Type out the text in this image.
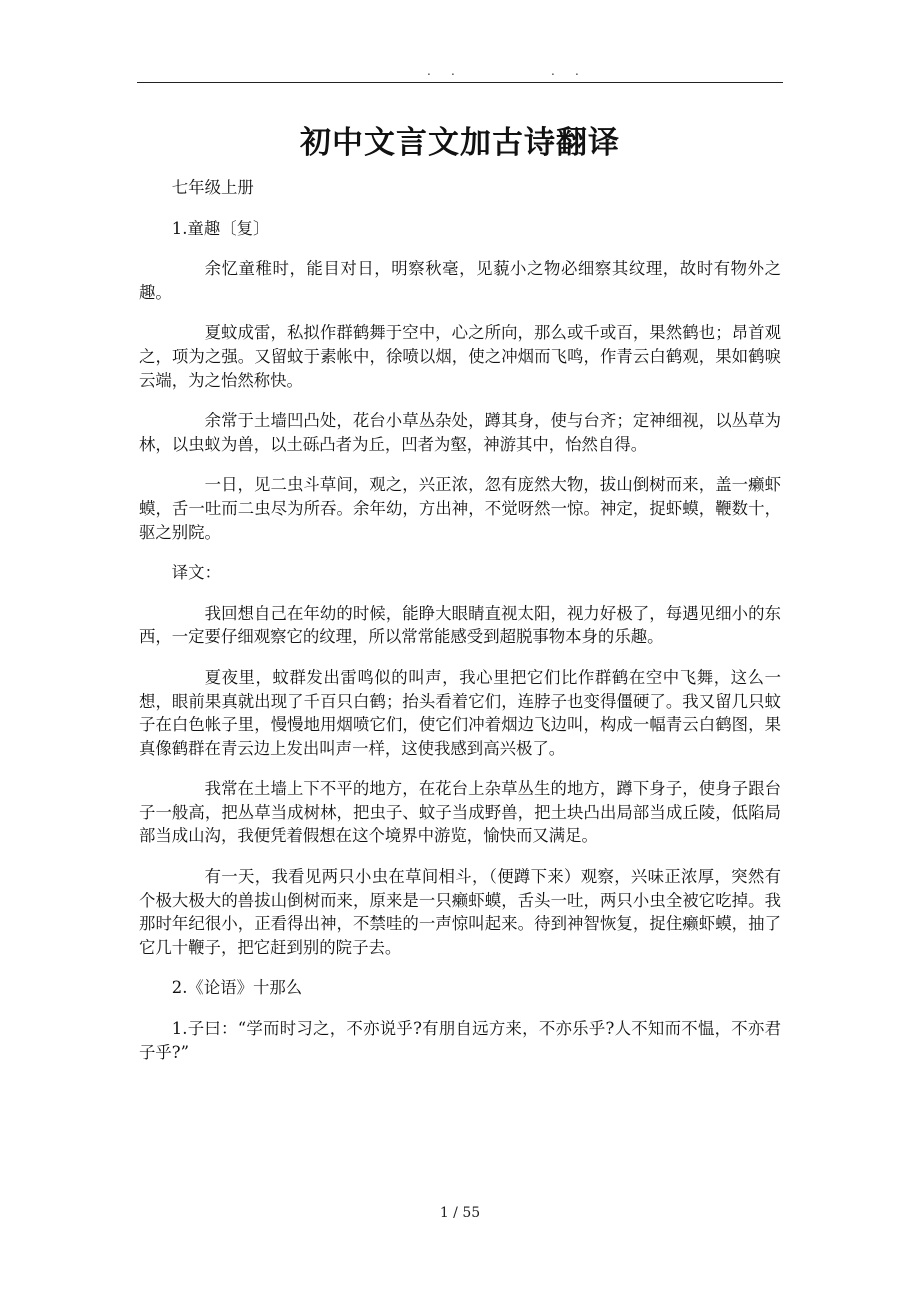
. .	. .
初中文言文加古诗翻译

七年级上册

1.童趣〔复〕

余忆童稚时，能目对日，明察秋毫，见藐小之物必细察其纹理，故时有物外之趣。

夏蚊成雷，私拟作群鹤舞于空中，心之所向，那么或千或百，果然鹤也；昂首观之，项为之强。又留蚊于素帐中，徐喷以烟，使之冲烟而飞鸣，作青云白鹤观，果如鹤唳云端，为之怡然称快。

余常于土墙凹凸处，花台小草丛杂处，蹲其身，使与台齐；定神细视，以丛草为林，以虫蚁为兽，以土砾凸者为丘，凹者为壑，神游其中，怡然自得。

一日，见二虫斗草间，观之，兴正浓，忽有庞然大物，拔山倒树而来，盖一癞虾蟆，舌一吐而二虫尽为所吞。余年幼，方出神，不觉呀然一惊。神定，捉虾蟆，鞭数十，驱之别院。

译文：

我回想自己在年幼的时候，能睁大眼睛直视太阳，视力好极了，每遇见细小的东西，一定要仔细观察它的纹理，所以常常能感受到超脱事物本身的乐趣。

夏夜里，蚊群发出雷鸣似的叫声，我心里把它们比作群鹤在空中飞舞，这么一想，眼前果真就出现了千百只白鹤；抬头看着它们，连脖子也变得僵硬了。我又留几只蚊子在白色帐子里，慢慢地用烟喷它们，使它们冲着烟边飞边叫，构成一幅青云白鹤图，果真像鹤群在青云边上发出叫声一样，这使我感到高兴极了。

我常在土墙上下不平的地方，在花台上杂草丛生的地方，蹲下身子，使身子跟台子一般高，把丛草当成树林，把虫子、蚊子当成野兽，把土块凸出局部当成丘陵，低陷局部当成山沟，我便凭着假想在这个境界中游览，愉快而又满足。

有一天，我看见两只小虫在草间相斗，（便蹲下来）观察，兴味正浓厚，突然有个极大极大的兽拔山倒树而来，原来是一只癞虾蟆，舌头一吐，两只小虫全被它吃掉。我那时年纪很小，正看得出神，不禁哇的一声惊叫起来。待到神智恢复，捉住癞虾蟆，抽了它几十鞭子，把它赶到别的院子去。

2.《论语》十那么

1.子曰：“学而时习之，不亦说乎?有朋自远方来，不亦乐乎?人不知而不愠，不亦君子乎?”

1 / 55
